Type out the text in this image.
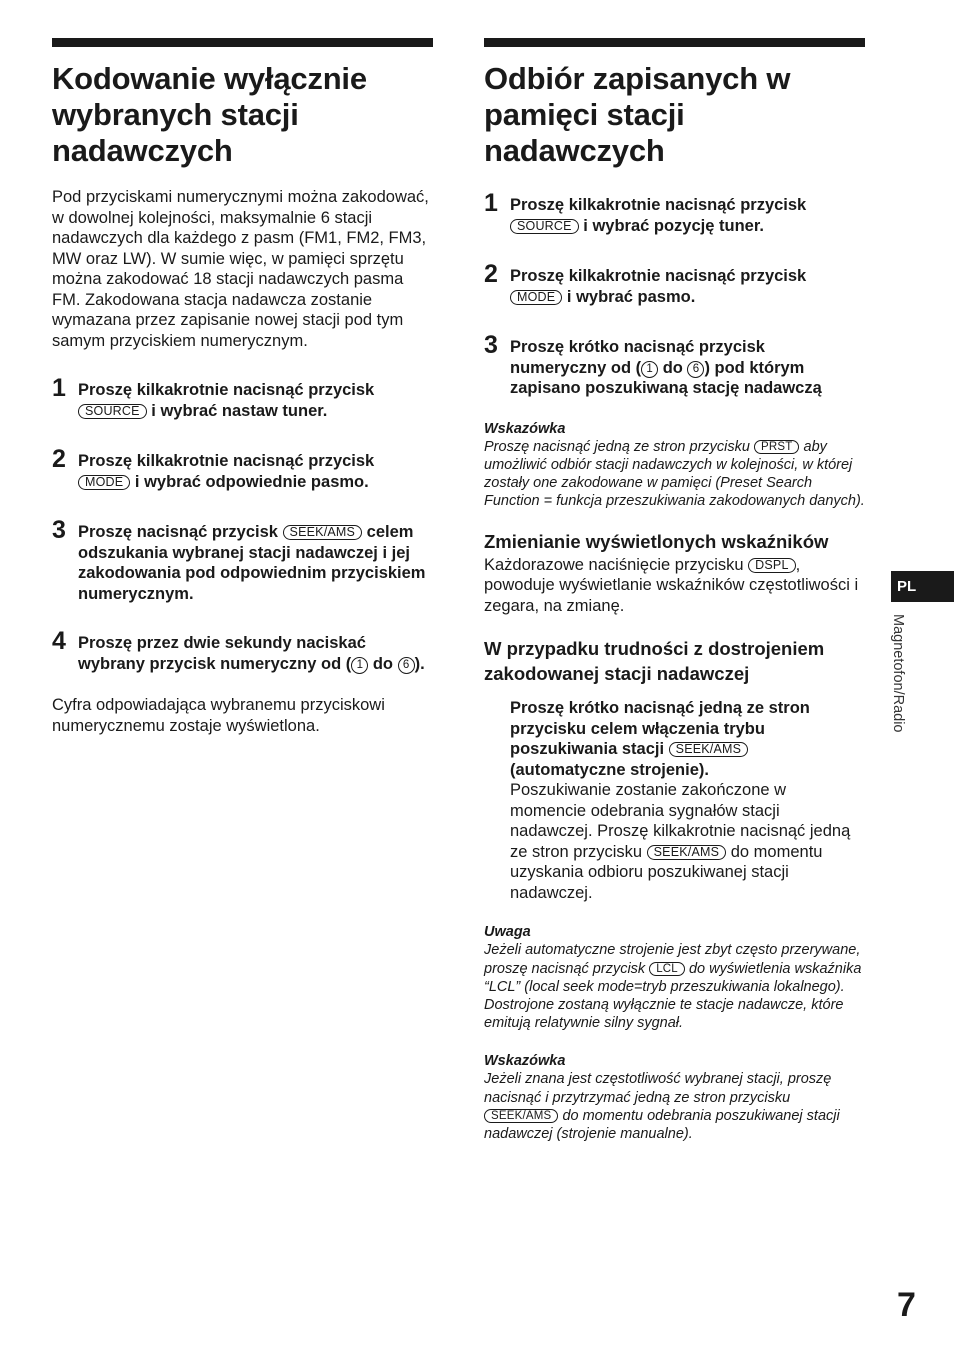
Kodowanie wyłącznie wybranych stacji nadawczych

Pod przyciskami numerycznymi można zakodować, w dowolnej kolejności, maksymalnie 6 stacji nadawczych dla każdego z pasm (FM1, FM2, FM3, MW oraz LW). W sumie więc, w pamięci sprzętu można zakodować 18 stacji nadawczych pasma FM. Zakodowana stacja nadawcza zostanie wymazana przez zapisanie nowej stacji pod tym samym przyciskiem numerycznym.

1 Proszę kilkakrotnie nacisnąć przycisk
SOURCE i wybrać nastaw tuner.
2 Proszę kilkakrotnie nacisnąć przycisk
MODE i wybrać odpowiednie pasmo.
3 Proszę nacisnąć przycisk SEEK/AMS celem odszukania wybranej stacji nadawczej i jej zakodowania pod odpowiednim przyciskiem numerycznym.
4 Proszę przez dwie sekundy naciskać wybrany przycisk numeryczny od ( 1 do 6 ).

Cyfra odpowiadająca wybranemu przyciskowi numerycznemu zostaje wyświetlona.

Odbiór zapisanych w pamięci stacji nadawczych
1 Proszę kilkakrotnie nacisnąć przycisk
SOURCE i wybrać pozycję tuner.
2 Proszę kilkakrotnie nacisnąć przycisk
MODE i wybrać pasmo.
3 Proszę krótko nacisnąć przycisk numeryczny od ( 1 do 6 ) pod którym zapisano poszukiwaną stację nadawczą
Wskazówka

Proszę nacisnąć jedną ze stron przycisku PRST aby umożliwić odbiór stacji nadawczych w kolejności, w której zostały one zakodowane w pamięci (Preset Search Function = funkcja przeszukiwania zakodowanych danych).

Zmienianie wyświetlonych wskaźników

Każdorazowe naciśnięcie przycisku DSPL , powoduje wyświetlanie wskaźników częstotliwości i zegara, na zmianę.

W przypadku trudności z dostrojeniem zakodowanej stacji nadawczej

Proszę krótko nacisnąć jedną ze stron przycisku celem włączenia trybu poszukiwania stacji SEEK/AMS (automatyczne strojenie).

Poszukiwanie zostanie zakończone w momencie odebrania sygnałów stacji nadawczej. Proszę kilkakrotnie nacisnąć jedną ze stron przycisku SEEK/AMS do momentu uzyskania odbioru poszukiwanej stacji nadawczej.

Uwaga

Jeżeli automatyczne strojenie jest zbyt często przerywane, proszę nacisnąć przycisk LCL do wyświetlenia wskaźnika “LCL” (local seek mode=tryb przeszukiwania lokalnego). Dostrojone zostaną wyłącznie te stacje nadawcze, które emitują relatywnie silny sygnał.

Wskazówka

Jeżeli znana jest częstotliwość wybranej stacji, proszę nacisnąć i przytrzymać jedną ze stron przycisku SEEK/AMS do momentu odebrania poszukiwanej stacji nadawczej (strojenie manualne).

PL
Magnetofon/Radio
7
